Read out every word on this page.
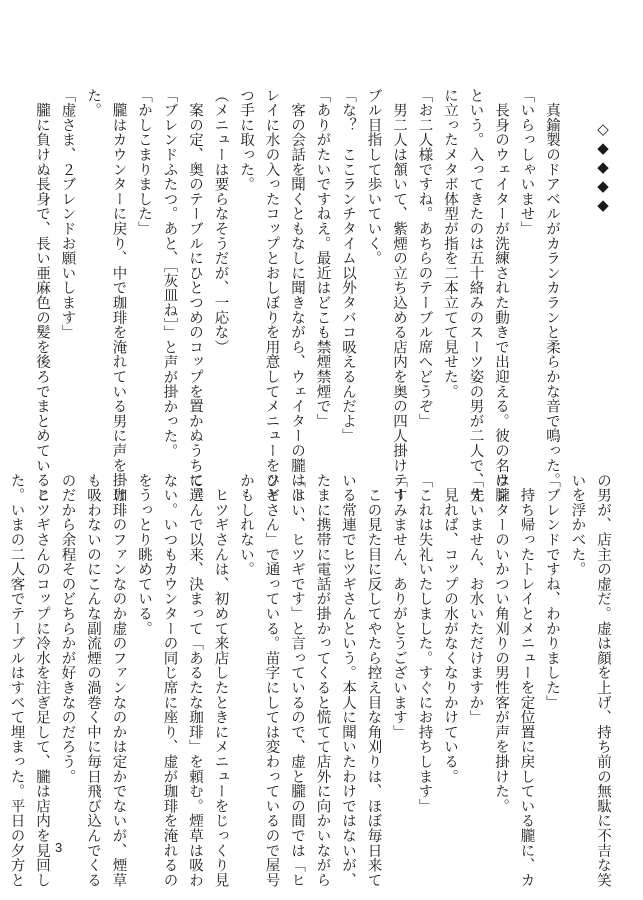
　　◇◆◆◆◆

　真鍮製のドアベルがカランカランと柔らかな音で鳴った。
「いらっしゃいませ」
　長身のウェイターが洗練された動きで出迎える。彼の名は朧
という。入ってきたのは五十絡みのスーツ姿の男が二人で、先
に立ったメタボ体型が指を二本立てて見せた。
「お二人様ですね。あちらのテーブル席へどうぞ」
　男二人は頷いて、紫煙の立ち込める店内を奥の四人掛けテー
ブル目指して歩いていく。
「な？　ここランチタイム以外タバコ吸えるんだよ」
「ありがたいですねえ。最近はどこも禁煙禁煙で」
　客の会話を聞くともなしに聞きながら、ウェイターの朧はト
レイに水の入ったコップとおしぼりを用意してメニューをひと
つ手に取った。
（メニューは要らなそうだが、一応な）
　案の定、奥のテーブルにひとつめのコップを置かぬうちに、
「ブレンドふたつ。あと、［灰皿ね］」と声が掛かった。
「かしこまりました」
　朧はカウンターに戻り、中で珈琲を淹れている男に声を掛け
た。
「虚さま、２ブレンドお願いします」
　朧に負けぬ長身で、長い亜麻色の髪を後ろでまとめているこ
の男が、店主の虚だ。虚は顔を上げ、持ち前の無駄に不吉な笑
いを浮かべた。
「ブレンドですね、わかりました」
　持ち帰ったトレイとメニューを定位置に戻している朧に、カ
ウンターのいかつい角刈りの男性客が声を掛けた。
「すいません、お水いただけますか」
　見れば、コップの水がなくなりかけている。
「これは失礼いたしました。すぐにお持ちします」
「すみません、ありがとうございます」
　この見た目に反してやたら控え目な角刈りは、ほぼ毎日来て
いる常連でヒツギさんという。本人に聞いたわけではないが、
たまに携帯に電話が掛かってくると慌てて店外に向かいながら
「はい、ヒツギです」と言っているので、虚と朧の間では「ヒ
ツギさん」で通っている。苗字にしては変わっているので屋号
かもしれない。
　ヒツギさんは、初めて来店したときにメニューをじっくり見
て選んで以来、決まって「あるたな珈琲」を頼む。煙草は吸わ
ない。いつもカウンターの同じ席に座り、虚が珈琲を淹れるの
をうっとり眺めている。
　珈琲のファンなのか虚のファンなのかは定かでないが、煙草
も吸わないのにこんな副流煙の渦巻く中に毎日飛び込んでくる
のだから余程そのどちらかが好きなのだろう。
　ヒツギさんのコップに冷水を注ぎ足して、朧は店内を見回し
た。いまの二人客でテーブルはすべて埋まった。平日の夕方と	3
